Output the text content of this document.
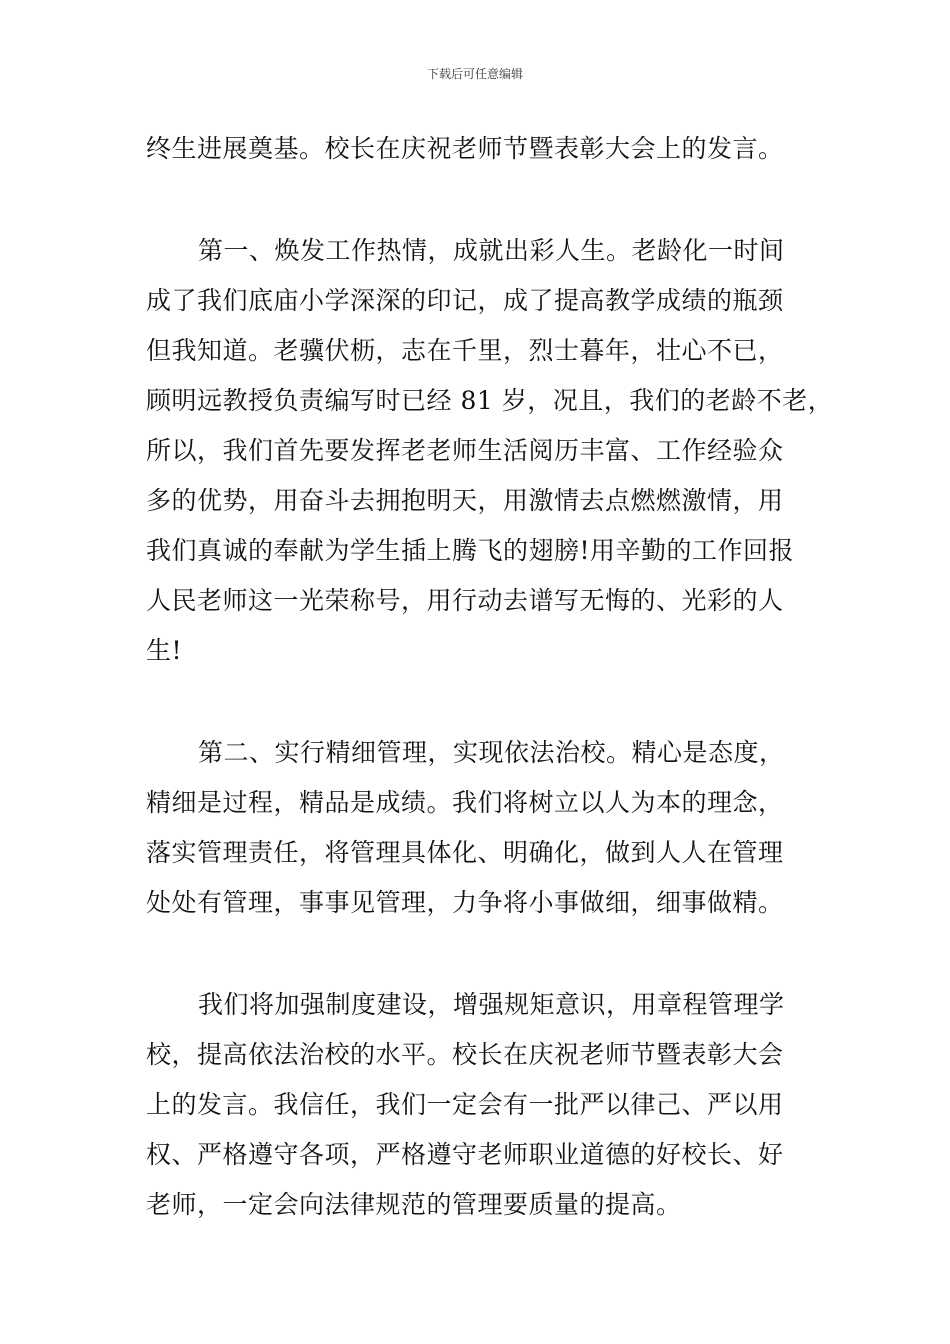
下载后可任意编辑

终生进展奠基。校长在庆祝老师节暨表彰大会上的发言。

第一、焕发工作热情，成就出彩人生。老龄化一时间
成了我们底庙小学深深的印记，成了提高教学成绩的瓶颈
但我知道。老骥伏枥，志在千里，烈士暮年，壮心不已，
顾明远教授负责编写时已经 81 岁，况且，我们的老龄不老，
所以，我们首先要发挥老老师生活阅历丰富、工作经验众
多的优势，用奋斗去拥抱明天，用激情去点燃燃激情，用
我们真诚的奉献为学生插上腾飞的翅膀!用辛勤的工作回报
人民老师这一光荣称号，用行动去谱写无悔的、光彩的人
生!

第二、实行精细管理，实现依法治校。精心是态度，
精细是过程，精品是成绩。我们将树立以人为本的理念，
落实管理责任，将管理具体化、明确化，做到人人在管理
处处有管理，事事见管理，力争将小事做细，细事做精。

我们将加强制度建设，增强规矩意识，用章程管理学
校，提高依法治校的水平。校长在庆祝老师节暨表彰大会
上的发言。我信任，我们一定会有一批严以律己、严以用
权、严格遵守各项，严格遵守老师职业道德的好校长、好
老师，一定会向法律规范的管理要质量的提高。
